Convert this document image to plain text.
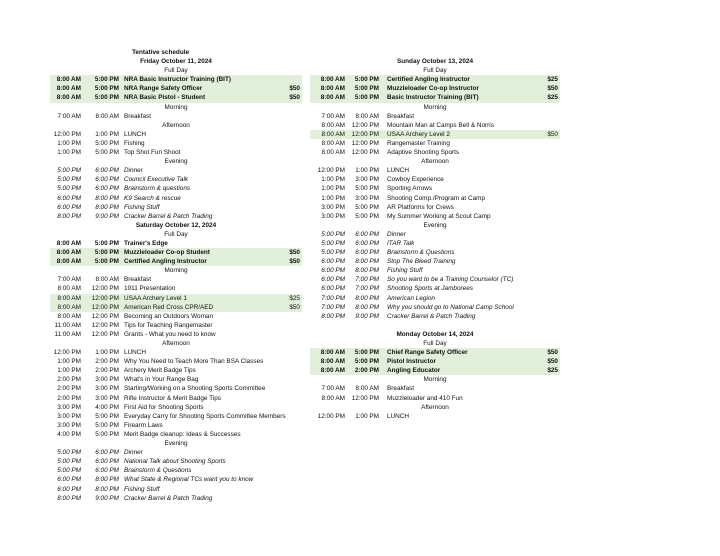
Tentative schedule
Friday October 11, 2024
Full Day
8:00 AM	5:00 PM NRA Basic Instructor Training (BIT)
8:00 AM	5:00 PM NRA Range Safety Officer	$50
8:00 AM	5:00 PM NRA Basic Pistol - Student	$50
Morning
7:00 AM	8:00 AM Breakfast
Afternoon
12:00 PM	1:00 PM LUNCH
1:00 PM	5:00 PM Fishing
1:00 PM	5:00 PM Top Shot Fun Shoot
Evening
5:00 PM	6:00 PM Dinner
5:00 PM	6:00 PM Council Executive Talk
5:00 PM	6:00 PM Brainstorm & questions
6:00 PM	8:00 PM K9 Search & rescue
6:00 PM	8:00 PM Fishing Stuff
8:00 PM	9:00 PM Cracker Barrel & Patch Trading
Saturday October 12, 2024
Full Day
8:00 AM	5:00 PM Trainer's Edge
8:00 AM	5:00 PM Muzzleloader Co-op Student	$50
8:00 AM	5:00 PM Certified Angling Instructor	$50
Morning
7:00 AM	8:00 AM Breakfast
8:00 AM	12:00 PM 1911 Presentation
8:00 AM	12:00 PM USAA Archery Level 1	$25
8:00 AM	12:00 PM American Red Cross CPR/AED	$50
8:00 AM	12:00 PM Becoming an Outdoors Woman
11:00 AM	12:00 PM Tips for Teaching Rangemaster
11:00 AM	12:00 PM Grants - What you need to know
Afternoon
12:00 PM	1:00 PM LUNCH
1:00 PM	2:00 PM Why You Need to Teach More Than BSA Classes
1:00 PM	2:00 PM Archery Merit Badge Tips
2:00 PM	3:00 PM What's in Your Range Bag
2:00 PM	3:00 PM Starting/Working on a Shooting Sports Committee
2:00 PM	3:00 PM Rifle Instructor & Merit Badge Tips
3:00 PM	4:00 PM First Aid for Shooting Sports
3:00 PM	5:00 PM Everyday Carry for Shooting Sports Committee Members
3:00 PM	5:00 PM Firearm Laws
4:00 PM	5:00 PM Merit Badge cleanup: Ideas & Successes
Evening
5:00 PM	6:00 PM Dinner
5:00 PM	6:00 PM National Talk about Shooting Sports
5:00 PM	6:00 PM Brainstorm & Questions
6:00 PM	8:00 PM What State & Regional TCs want you to know
6:00 PM	8:00 PM Fishing Stuff
8:00 PM	9:00 PM Cracker Barrel & Patch Trading
Sunday October 13, 2024
Full Day
8:00 AM	5:00 PM Certified Angling Instructor	$25
8:00 AM	5:00 PM Muzzleloader Co-op Instructor	$50
8:00 AM	5:00 PM Basic Instructor Training (BIT)	$25
Morning
7:00 AM	8:00 AM Breakfast
8:00 AM	12:00 PM Mountain Man at Camps Bell & Norris
8:00 AM	12:00 PM USAA Archery Level 2	$50
8:00 AM	12:00 PM Rangemaster Training
8:00 AM	12:00 PM Adaptive Shooting Sports
Afternoon
12:00 PM	1:00 PM LUNCH
1:00 PM	3:00 PM Cowboy Experience
1:00 PM	5:00 PM Sporting Arrows
1:00 PM	3:00 PM Shooting Comp./Program at Camp
3:00 PM	5:00 PM AR Platforms for Crews
3:00 PM	5:00 PM My Summer Working at Scout Camp
Evening
5:00 PM	6:00 PM Dinner
5:00 PM	6:00 PM ITAR Talk
5:00 PM	6:00 PM Brainstorm & Questions
6:00 PM	8:00 PM Stop The Bleed Training
6:00 PM	8:00 PM Fishing Stuff
6:00 PM	7:00 PM So you want to be a Training Counselor (TC)
6:00 PM	7:00 PM Shooting Sports at Jamborees
7:00 PM	8:00 PM American Legion
7:00 PM	8:00 PM Why you should go to National Camp School
8:00 PM	9:00 PM Cracker Barrel & Patch Trading
Monday October 14, 2024
Full Day
8:00 AM	5:00 PM Chief Range Safety Officer	$50
8:00 AM	5:00 PM Pistol Instructor	$50
8:00 AM	2:00 PM Angling Educator	$25
Morning
7:00 AM	8:00 AM Breakfast
8:00 AM	12:00 PM Muzzleloader and 410 Fun
Afternoon
12:00 PM	1:00 PM LUNCH
